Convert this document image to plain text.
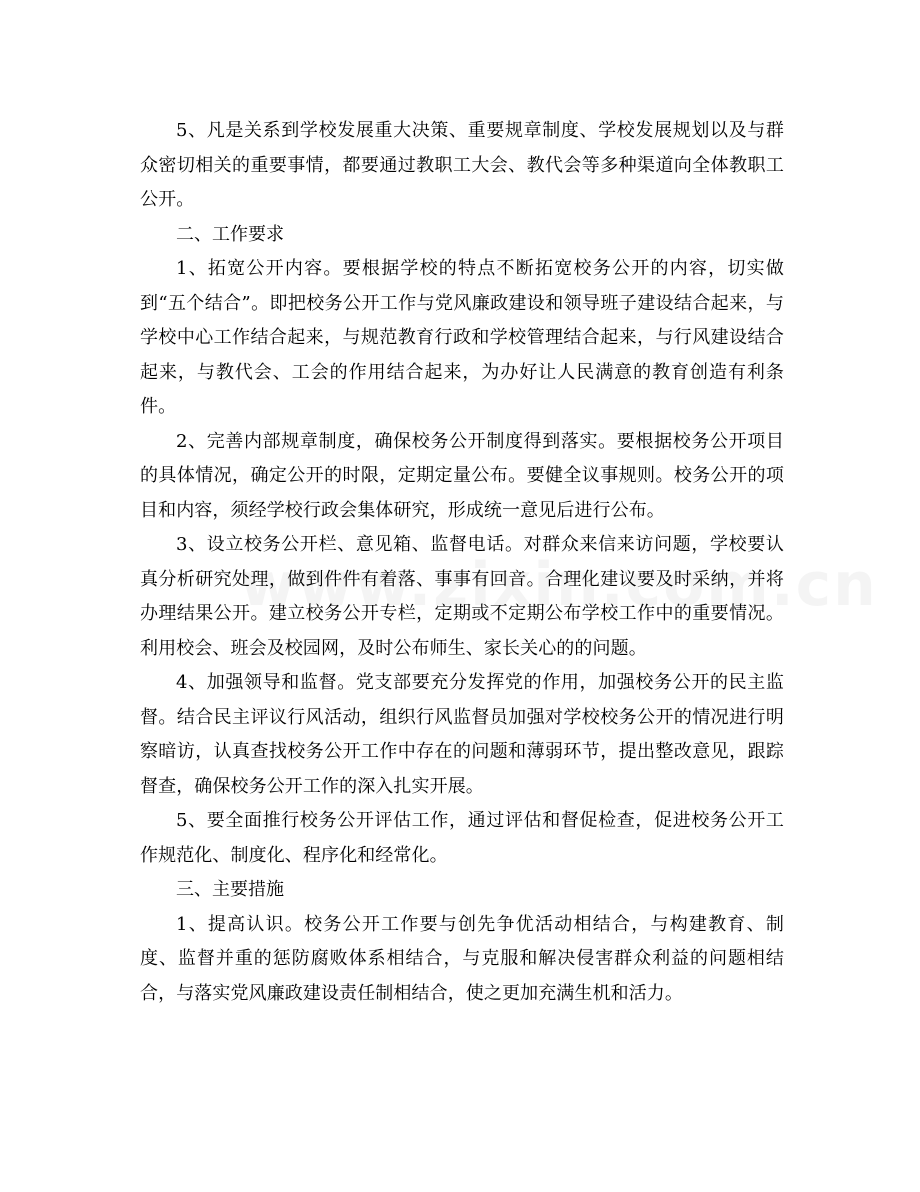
5、凡是关系到学校发展重大决策、重要规章制度、学校发展规划以及与群众密切相关的重要事情，都要通过教职工大会、教代会等多种渠道向全体教职工公开。

二、工作要求

1、拓宽公开内容。要根据学校的特点不断拓宽校务公开的内容，切实做到“五个结合”。即把校务公开工作与党风廉政建设和领导班子建设结合起来，与学校中心工作结合起来，与规范教育行政和学校管理结合起来，与行风建设结合起来，与教代会、工会的作用结合起来，为办好让人民满意的教育创造有利条件。

2、完善内部规章制度，确保校务公开制度得到落实。要根据校务公开项目的具体情况，确定公开的时限，定期定量公布。要健全议事规则。校务公开的项目和内容，须经学校行政会集体研究，形成统一意见后进行公布。

3、设立校务公开栏、意见箱、监督电话。对群众来信来访问题，学校要认真分析研究处理，做到件件有着落、事事有回音。合理化建议要及时采纳，并将办理结果公开。建立校务公开专栏，定期或不定期公布学校工作中的重要情况。利用校会、班会及校园网，及时公布师生、家长关心的的问题。

4、加强领导和监督。党支部要充分发挥党的作用，加强校务公开的民主监督。结合民主评议行风活动，组织行风监督员加强对学校校务公开的情况进行明察暗访，认真查找校务公开工作中存在的问题和薄弱环节，提出整改意见，跟踪督查，确保校务公开工作的深入扎实开展。

5、要全面推行校务公开评估工作，通过评估和督促检查，促进校务公开工作规范化、制度化、程序化和经常化。

三、主要措施

1、提高认识。校务公开工作要与创先争优活动相结合，与构建教育、制度、监督并重的惩防腐败体系相结合，与克服和解决侵害群众利益的问题相结合，与落实党风廉政建设责任制相结合，使之更加充满生机和活力。
